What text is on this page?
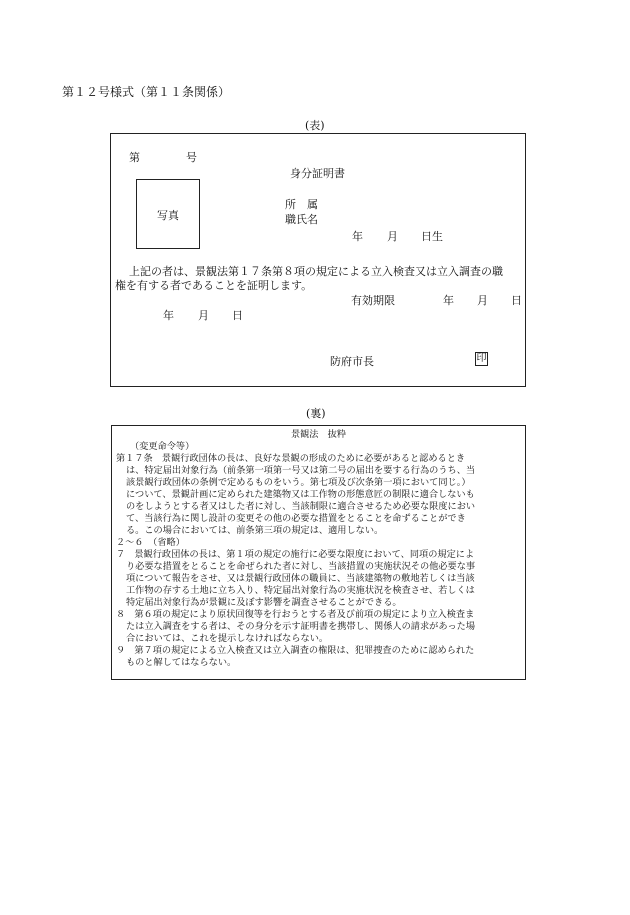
第１２号様式（第１１条関係）
(表)
第	号
身分証明書
写真
所　属
職氏名
年 月 日生
上記の者は、景観法第１７条第８項の規定による立入検査又は立入調査の職
権を有する者であることを証明します。
有効期限	年 月 日
年 月 日
防府市長	印
(裏)
景観法　抜粋
（変更命令等）
第１７条　景観行政団体の長は、良好な景観の形成のために必要があると認めるとき
は、特定届出対象行為（前条第一項第一号又は第二号の届出を要する行為のうち、当
該景観行政団体の条例で定めるものをいう。第七項及び次条第一項において同じ。）
について、景観計画に定められた建築物又は工作物の形態意匠の制限に適合しないも
のをしようとする者又はした者に対し、当該制限に適合させるため必要な限度におい
て、当該行為に関し設計の変更その他の必要な措置をとることを命ずることができ
る。この場合においては、前条第三項の規定は、適用しない。
２～６　（省略）
７　景観行政団体の長は、第１項の規定の施行に必要な限度において、同項の規定によ
り必要な措置をとることを命ぜられた者に対し、当該措置の実施状況その他必要な事
項について報告をさせ、又は景観行政団体の職員に、当該建築物の敷地若しくは当該
工作物の存する土地に立ち入り、特定届出対象行為の実施状況を検査させ、若しくは
特定届出対象行為が景観に及ぼす影響を調査させることができる。
８　第６項の規定により原状回復等を行おうとする者及び前項の規定により立入検査ま
たは立入調査をする者は、その身分を示す証明書を携帯し、関係人の請求があった場
合においては、これを提示しなければならない。
９　第７項の規定による立入検査又は立入調査の権限は、犯罪捜査のために認められた
ものと解してはならない。
